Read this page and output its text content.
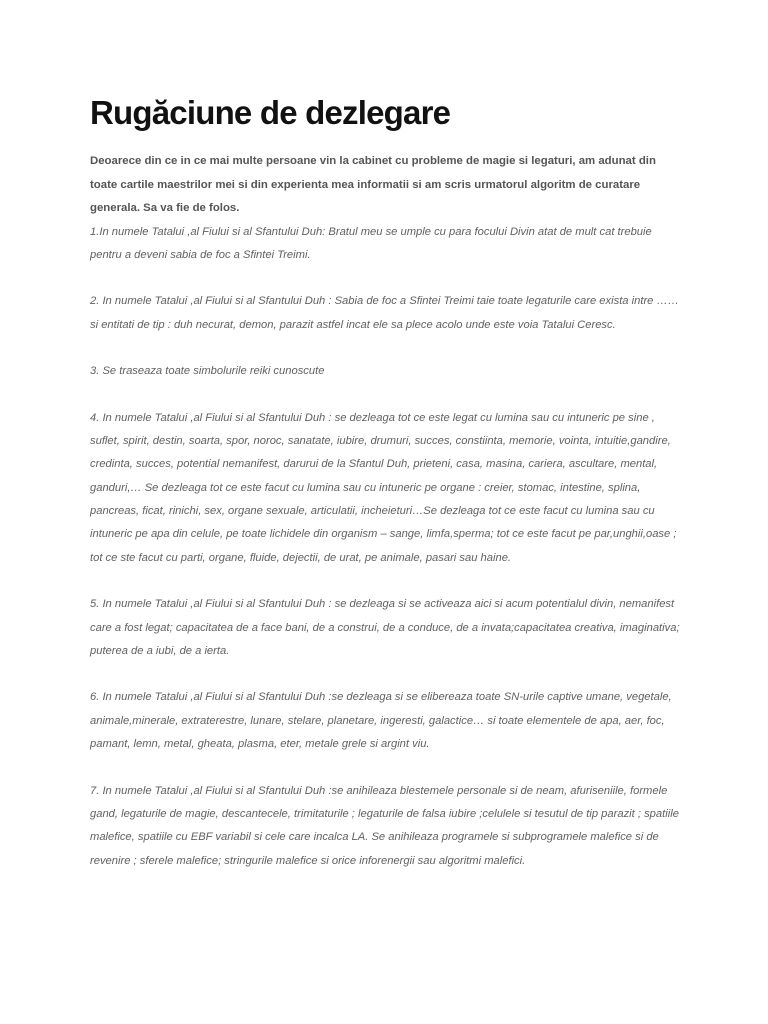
Rugăciune de dezlegare

Deoarece din ce in ce mai multe persoane vin la cabinet cu probleme de magie si legaturi, am adunat din toate cartile maestrilor mei si din experienta mea informatii si am scris urmatorul algoritm de curatare generala. Sa va fie de folos.

1.In numele Tatalui ,al Fiului si al Sfantului Duh: Bratul meu se umple cu para focului Divin atat de mult cat trebuie pentru a deveni sabia de foc a Sfintei Treimi.

2. In numele Tatalui ,al Fiului si al Sfantului Duh : Sabia de foc a Sfintei Treimi taie toate legaturile care exista intre ……si entitati de tip : duh necurat, demon, parazit astfel incat ele sa plece acolo unde este voia Tatalui Ceresc.

3. Se traseaza toate simbolurile reiki cunoscute

4. In numele Tatalui ,al Fiului si al Sfantului Duh : se dezleaga tot ce este legat cu lumina sau cu intuneric pe sine , suflet, spirit, destin, soarta, spor, noroc, sanatate, iubire, drumuri, succes, constiinta, memorie, vointa, intuitie,gandire, credinta, succes, potential nemanifest, darurui de la Sfantul Duh, prieteni, casa, masina, cariera, ascultare, mental, ganduri,… Se dezleaga tot ce este facut cu lumina sau cu intuneric pe organe : creier, stomac, intestine, splina, pancreas, ficat, rinichi, sex, organe sexuale, articulatii, incheieturi…Se dezleaga tot ce este facut cu lumina sau cu intuneric pe apa din celule, pe toate lichidele din organism – sange, limfa,sperma; tot ce este facut pe par,unghii,oase ; tot ce ste facut cu parti, organe, fluide, dejectii, de urat, pe animale, pasari sau haine.

5. In numele Tatalui ,al Fiului si al Sfantului Duh : se dezleaga si se activeaza aici si acum potentialul divin, nemanifest care a fost legat; capacitatea de a face bani, de a construi, de a conduce, de a invata;capacitatea creativa, imaginativa; puterea de a iubi, de a ierta.

6. In numele Tatalui ,al Fiului si al Sfantului Duh :se dezleaga si se elibereaza toate SN-urile captive umane, vegetale, animale,minerale, extraterestre, lunare, stelare, planetare, ingeresti, galactice… si toate elementele de apa, aer, foc, pamant, lemn, metal, gheata, plasma, eter, metale grele si argint viu.

7. In numele Tatalui ,al Fiului si al Sfantului Duh :se anihileaza blestemele personale si de neam, afuriseniile, formele gand, legaturile de magie, descantecele, trimitaturile ; legaturile de falsa iubire ;celulele si tesutul de tip parazit ; spatiile malefice, spatiile cu EBF variabil si cele care incalca LA. Se anihileaza programele si subprogramele malefice si de revenire ; sferele malefice; stringurile malefice si orice inforenergii sau algoritmi malefici.
